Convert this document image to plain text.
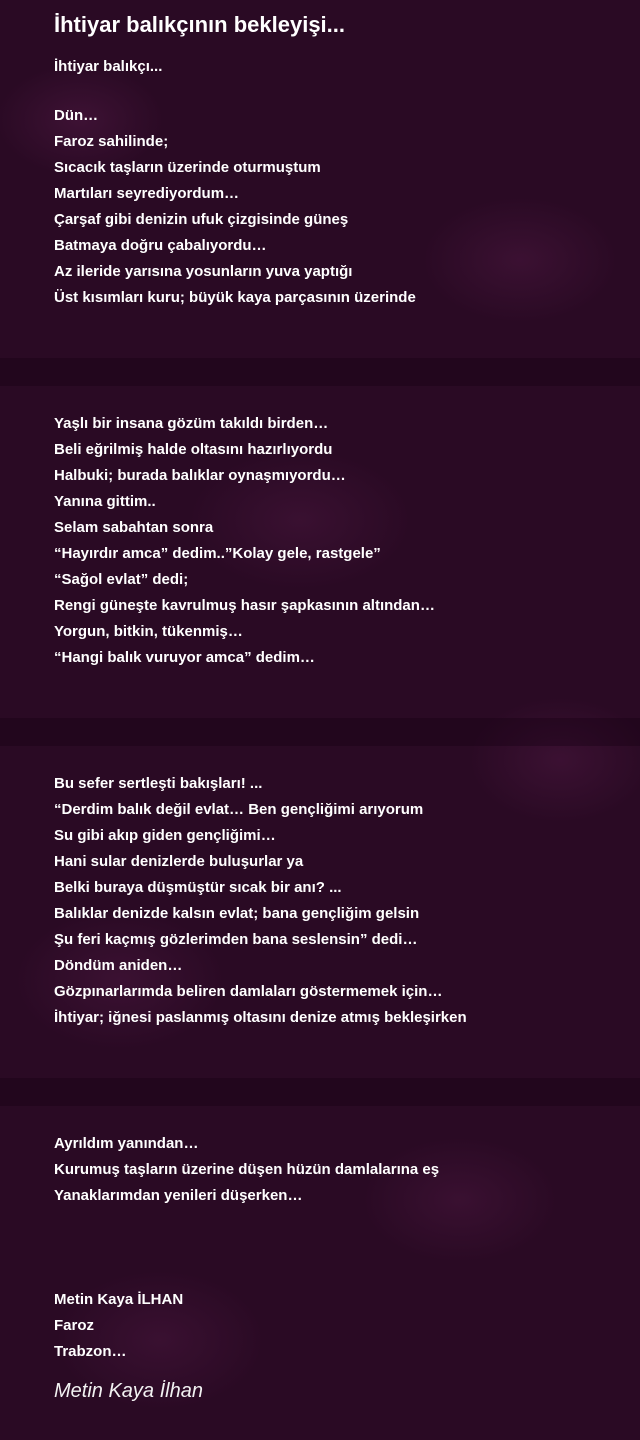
İhtiyar balıkçının bekleyişi...
İhtiyar balıkçı...
Dün…
Faroz sahilinde;
Sıcacık taşların üzerinde oturmuştum
Martıları seyrediyordum…
Çarşaf gibi denizin ufuk çizgisinde güneş
Batmaya doğru çabalıyordu…
Az ileride yarısına yosunların yuva yaptığı
Üst kısımları kuru; büyük kaya parçasının üzerinde
Yaşlı bir insana gözüm takıldı birden…
Beli eğrilmiş halde oltasını hazırlıyordu
Halbuki; burada balıklar oynaşmıyordu…
Yanına gittim..
Selam sabahtan sonra
“Hayırdır amca” dedim..”Kolay gele, rastgele”
“Sağol evlat” dedi;
Rengi güneşte kavrulmuş hasır şapkasının altından…
Yorgun, bitkin, tükenmiş…
“Hangi balık vuruyor amca” dedim…
Bu sefer sertleşti bakışları! ...
“Derdim balık değil evlat… Ben gençliğimi arıyorum
Su gibi akıp giden gençliğimi…
Hani sular denizlerde buluşurlar ya
Belki buraya düşmüştür sıcak bir anı? ...
Balıklar denizde kalsın evlat; bana gençliğim gelsin
Şu feri kaçmış gözlerimden bana seslensin” dedi…
Döndüm aniden…
Gözpınarlarımda beliren damlaları göstermemek için…
İhtiyar; iğnesi paslanmış oltasını denize atmış bekleşirken
Ayrıldım yanından…
Kurumuş taşların üzerine düşen hüzün damlalarına eş
Yanaklarımdan yenileri düşerken…
Metin Kaya İLHAN
Faroz
Trabzon…
Metin Kaya İlhan
